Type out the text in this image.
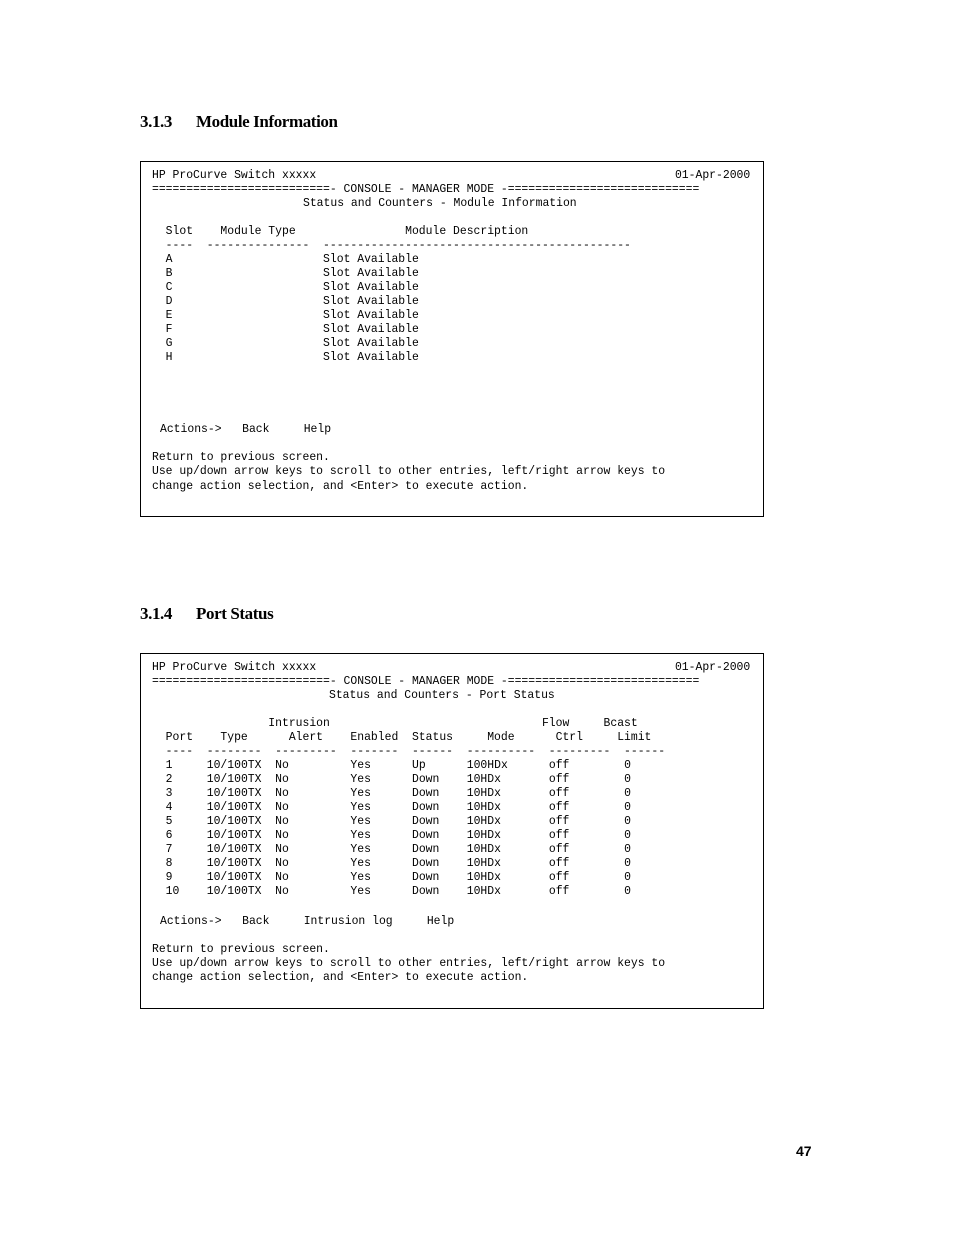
3.1.3 Module Information
HP ProCurve Switch xxxxx	01-Apr-2000
==========================- CONSOLE - MANAGER MODE -============================
Status and Counters - Module Information
Slot    Module Type                Module Description
----  ---------------  ---------------------------------------------
A	Slot Available
B	Slot Available
C	Slot Available
D	Slot Available
E	Slot Available
F	Slot Available
G	Slot Available
H	Slot Available
Actions-> Back	Help
Return to previous screen.
Use up/down arrow keys to scroll to other entries, left/right arrow keys to
change action selection, and <Enter> to execute action.
3.1.4 Port Status
HP ProCurve Switch xxxxx	01-Apr-2000
==========================- CONSOLE - MANAGER MODE -============================
Status and Counters - Port Status
Intrusion                               Flow     Bcast
Port    Type      Alert    Enabled  Status     Mode      Ctrl     Limit
----  --------  ---------  -------  ------  ----------  ---------  ------
1	10/100TX No	Yes	Up	100HDx	off	0
2	10/100TX No	Yes	Down 10HDx	off	0
3	10/100TX No	Yes	Down 10HDx	off	0
4	10/100TX No	Yes	Down 10HDx	off	0
5	10/100TX No	Yes	Down 10HDx	off	0
6	10/100TX No	Yes	Down 10HDx	off	0
7	10/100TX No	Yes	Down 10HDx	off	0
8	10/100TX No	Yes	Down 10HDx	off	0
9	10/100TX No	Yes	Down 10HDx	off	0
10 10/100TX No	Yes	Down 10HDx	off	0
Actions-> Back	Intrusion log	Help
Return to previous screen.
Use up/down arrow keys to scroll to other entries, left/right arrow keys to
change action selection, and <Enter> to execute action.
47
